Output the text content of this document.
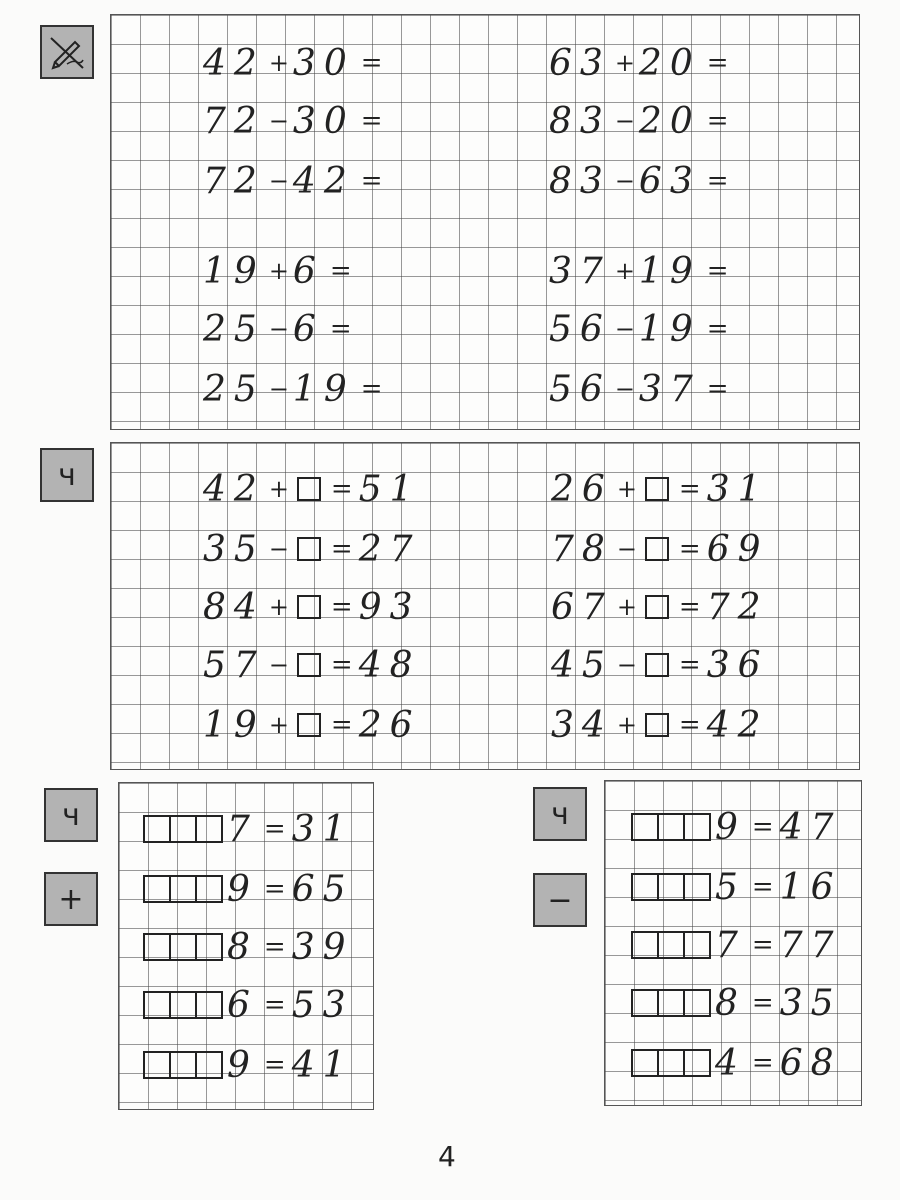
42 + 30 =
72 − 30 =
72 − 42 =
19 + 6 =
25 − 6 =
25 − 19 =
63 + 20 =
83 − 20 =
83 − 63 =
37 + 19 =
56 − 19 =
56 − 37 =
ч	42 + = 51
35 − = 27
84 + = 93
57 − = 48
19 + = 26
26 + = 31
78 − = 69
67 + = 72
45 − = 36
34 + = 42
ч
+
7 = 31
9 = 65
8 = 39
6 = 53
9 = 41
ч
−
9 = 47
5 = 16
7 = 77
8 = 35
4 = 68
4
